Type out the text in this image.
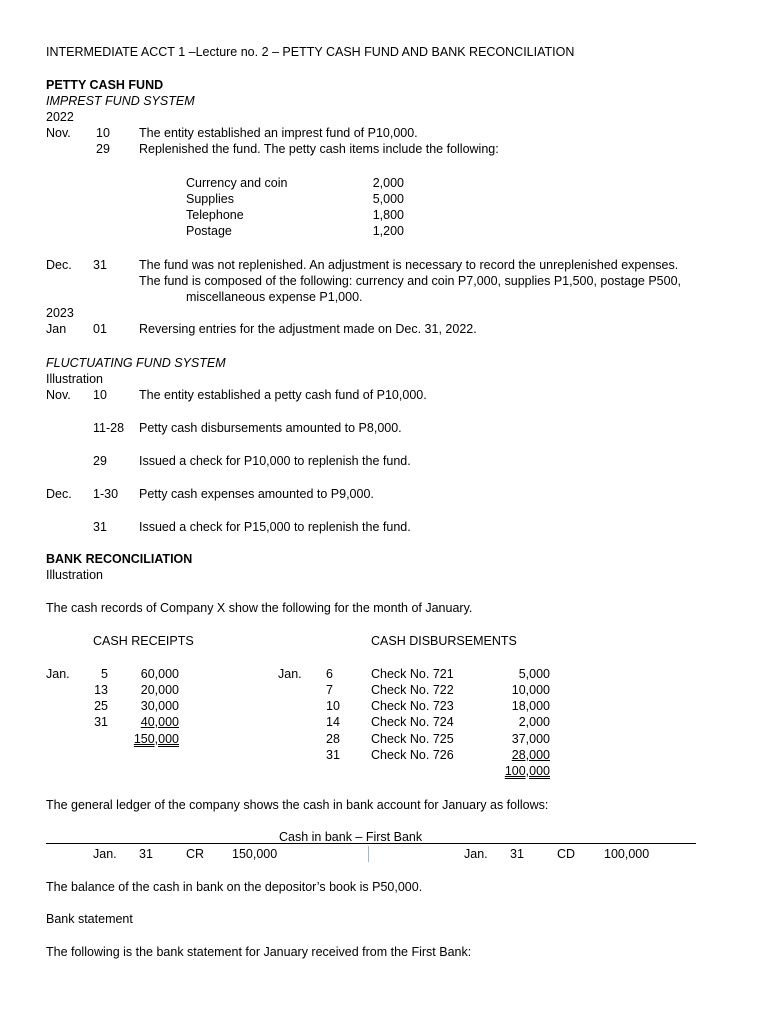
INTERMEDIATE ACCT 1 –Lecture no. 2 – PETTY CASH FUND AND BANK RECONCILIATION
PETTY CASH FUND
IMPREST FUND SYSTEM
2022
Nov. 10 The entity established an imprest fund of P10,000.
29 Replenished the fund. The petty cash items include the following:
Currency and coin	2,000
Supplies	5,000
Telephone	1,800
Postage	1,200
Dec. 31	The fund was not replenished. An adjustment is necessary to record the unreplenished expenses.
The fund is composed of the following: currency and coin P7,000, supplies P1,500, postage P500,
miscellaneous expense P1,000.
2023
Jan 01	Reversing entries for the adjustment made on Dec. 31, 2022.
FLUCTUATING FUND SYSTEM
Illustration
Nov. 10	The entity established a petty cash fund of P10,000.
11-28 Petty cash disbursements amounted to P8,000.
29	Issued a check for P10,000 to replenish the fund.
Dec. 1-30 Petty cash expenses amounted to P9,000.
31	Issued a check for P15,000 to replenish the fund.
BANK RECONCILIATION
Illustration
The cash records of Company X show the following for the month of January.
CASH RECEIPTS	CASH DISBURSEMENTS
Jan.	5	60,000
13	20,000
25	30,000
31	40,000
150,000
Jan. 6	Check No. 721	5,000
7	Check No. 722	10,000
10 Check No. 723	18,000
14 Check No. 724	2,000
28 Check No. 725	37,000
31 Check No. 726	28,000
100,000
The general ledger of the company shows the cash in bank account for January as follows:
Cash in bank – First Bank
Jan. 31	CR 150,000	Jan. 31	CD 100,000
The balance of the cash in bank on the depositor’s book is P50,000.
Bank statement
The following is the bank statement for January received from the First Bank:
